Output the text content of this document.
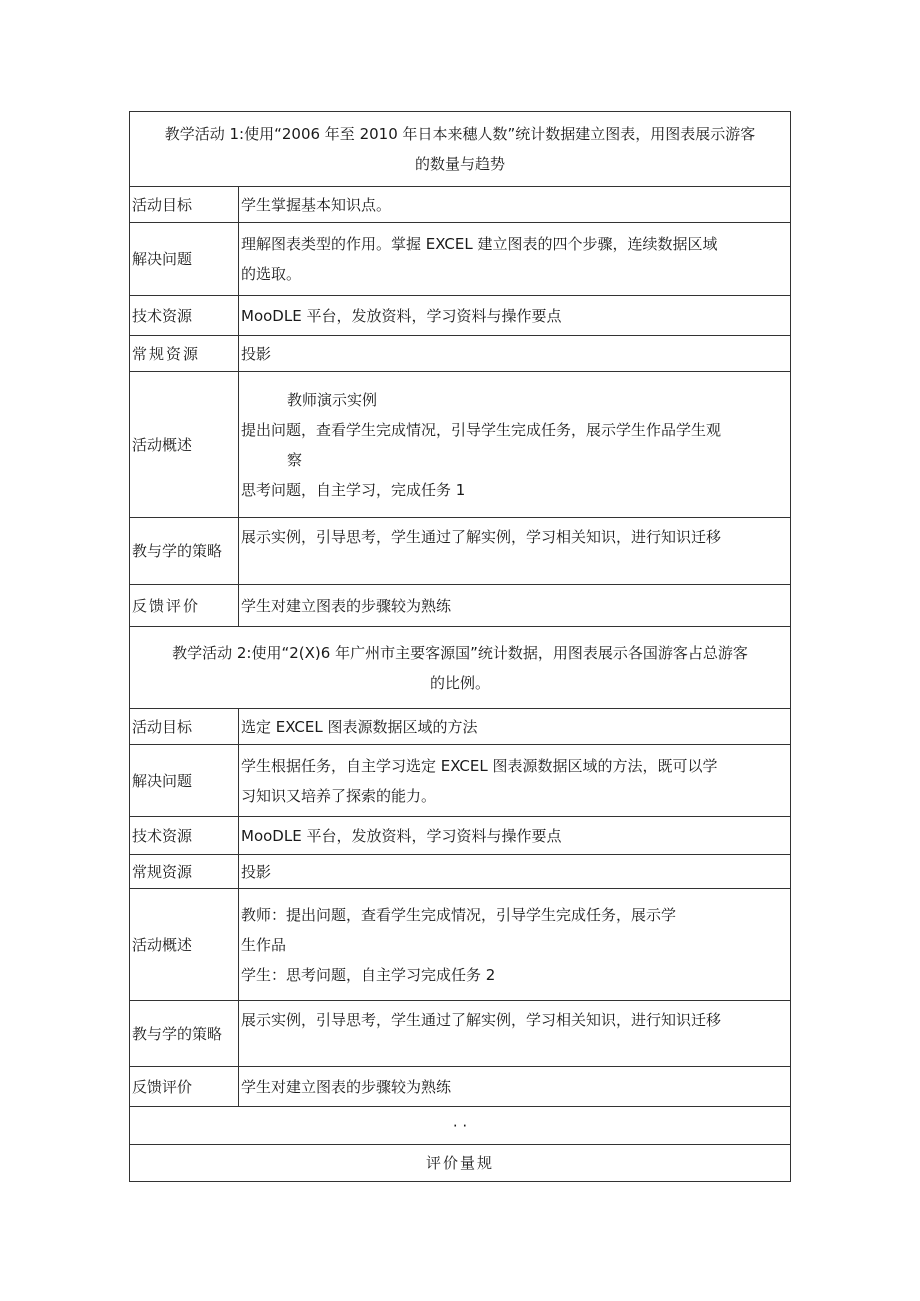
教学活动 1:使用“2006 年至 2010 年日本来穗人数”统计数据建立图表，用图表展示游客
的数量与趋势	

活动目标	学生掌握基本知识点。
解决问题	理解图表类型的作用。掌握 EXCEL 建立图表的四个步骤，连续数据区域
的选取。

技术资源	MooDLE 平台，发放资料，学习资料与操作要点
常规资源	投影
活动概述	教师演示实例
提出问题，查看学生完成情况，引导学生完成任务，展示学生作品学生观
察
思考问题，自主学习，完成任务 1

教与学的策略	展示实例，引导思考，学生通过了解实例，学习相关知识，进行知识迁移
反馈评价	学生对建立图表的步骤较为熟练

教学活动 2:使用“2(X)6 年广州市主要客源国”统计数据，用图表展示各国游客占总游客
的比例。	

活动目标	选定 EXCEL 图表源数据区域的方法
解决问题	学生根据任务，自主学习选定 EXCEL 图表源数据区域的方法，既可以学
习知识又培养了探索的能力。

技术资源	MooDLE 平台，发放资料，学习资料与操作要点
常规资源	投影
活动概述	教师：提出问题，查看学生完成情况，引导学生完成任务，展示学
生作品
学生：思考问题，自主学习完成任务 2

教与学的策略	展示实例，引导思考，学生通过了解实例，学习相关知识，进行知识迁移
反馈评价	学生对建立图表的步骤较为熟练
· ·	
评价量规	
